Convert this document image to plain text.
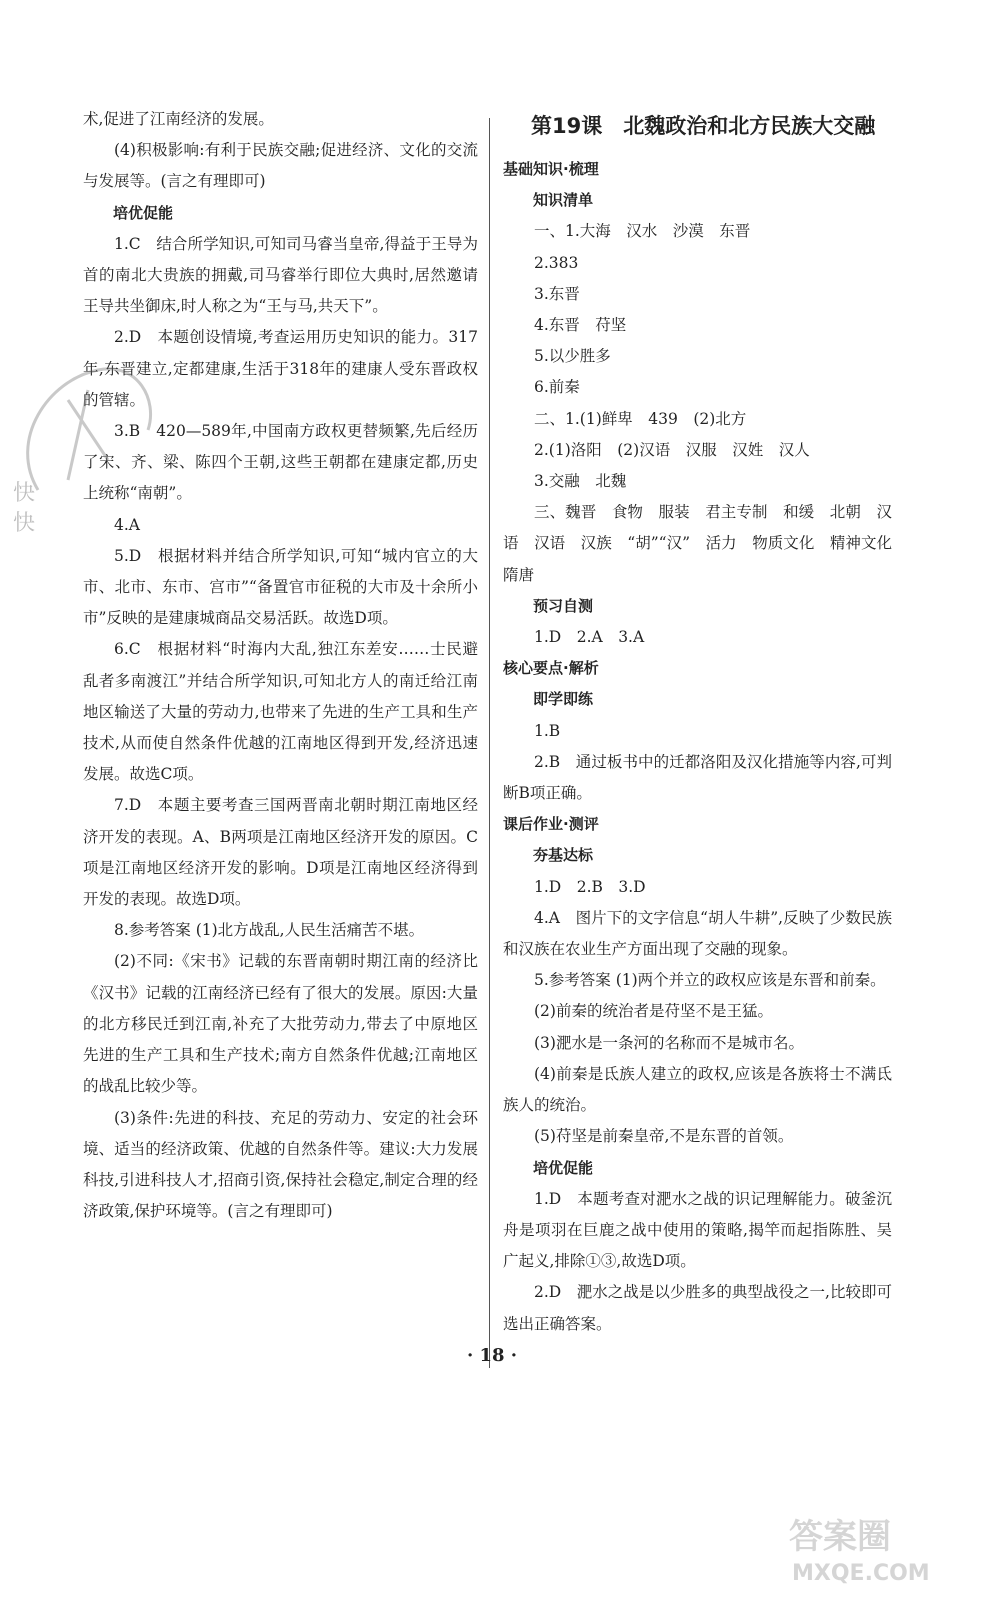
术,促进了江南经济的发展。

(4)积极影响:有利于民族交融;促进经济、文化的交流与发展等。(言之有理即可)

培优促能

1.C　结合所学知识,可知司马睿当皇帝,得益于王导为首的南北大贵族的拥戴,司马睿举行即位大典时,居然邀请王导共坐御床,时人称之为“王与马,共天下”。

2.D　本题创设情境,考查运用历史知识的能力。317年,东晋建立,定都建康,生活于318年的建康人受东晋政权的管辖。

3.B　420—589年,中国南方政权更替频繁,先后经历了宋、齐、梁、陈四个王朝,这些王朝都在建康定都,历史上统称“南朝”。

4.A

5.D　根据材料并结合所学知识,可知“城内官立的大市、北市、东市、宫市”“备置官市征税的大市及十余所小市”反映的是建康城商品交易活跃。故选D项。

6.C　根据材料“时海内大乱,独江东差安……士民避乱者多南渡江”并结合所学知识,可知北方人的南迁给江南地区输送了大量的劳动力,也带来了先进的生产工具和生产技术,从而使自然条件优越的江南地区得到开发,经济迅速发展。故选C项。

7.D　本题主要考查三国两晋南北朝时期江南地区经济开发的表现。A、B两项是江南地区经济开发的原因。C项是江南地区经济开发的影响。D项是江南地区经济得到开发的表现。故选D项。

8.参考答案 (1)北方战乱,人民生活痛苦不堪。

(2)不同:《宋书》记载的东晋南朝时期江南的经济比《汉书》记载的江南经济已经有了很大的发展。原因:大量的北方移民迁到江南,补充了大批劳动力,带去了中原地区先进的生产工具和生产技术;南方自然条件优越;江南地区的战乱比较少等。

(3)条件:先进的科技、充足的劳动力、安定的社会环境、适当的经济政策、优越的自然条件等。建议:大力发展科技,引进科技人才,招商引资,保持社会稳定,制定合理的经济政策,保护环境等。(言之有理即可)

第19课　北魏政治和北方民族大交融

基础知识·梳理

知识清单

一、1.大海　汉水　沙漠　东晋

2.383

3.东晋

4.东晋　苻坚

5.以少胜多

6.前秦

二、1.(1)鲜卑　439　(2)北方

2.(1)洛阳　(2)汉语　汉服　汉姓　汉人

3.交融　北魏

三、魏晋　食物　服装　君主专制　和缓　北朝　汉语　汉语　汉族　“胡”“汉”　活力　物质文化　精神文化　隋唐

预习自测

1.D　2.A　3.A

核心要点·解析

即学即练

1.B

2.B　通过板书中的迁都洛阳及汉化措施等内容,可判断B项正确。

课后作业·测评

夯基达标

1.D　2.B　3.D

4.A　图片下的文字信息“胡人牛耕”,反映了少数民族和汉族在农业生产方面出现了交融的现象。

5.参考答案 (1)两个并立的政权应该是东晋和前秦。

(2)前秦的统治者是苻坚不是王猛。

(3)淝水是一条河的名称而不是城市名。

(4)前秦是氐族人建立的政权,应该是各族将士不满氐族人的统治。

(5)苻坚是前秦皇帝,不是东晋的首领。

培优促能

1.D　本题考查对淝水之战的识记理解能力。破釜沉舟是项羽在巨鹿之战中使用的策略,揭竿而起指陈胜、吴广起义,排除①③,故选D项。

2.D　淝水之战是以少胜多的典型战役之一,比较即可选出正确答案。

· 18 ·
快
快
答案圈
MXQE.COM
